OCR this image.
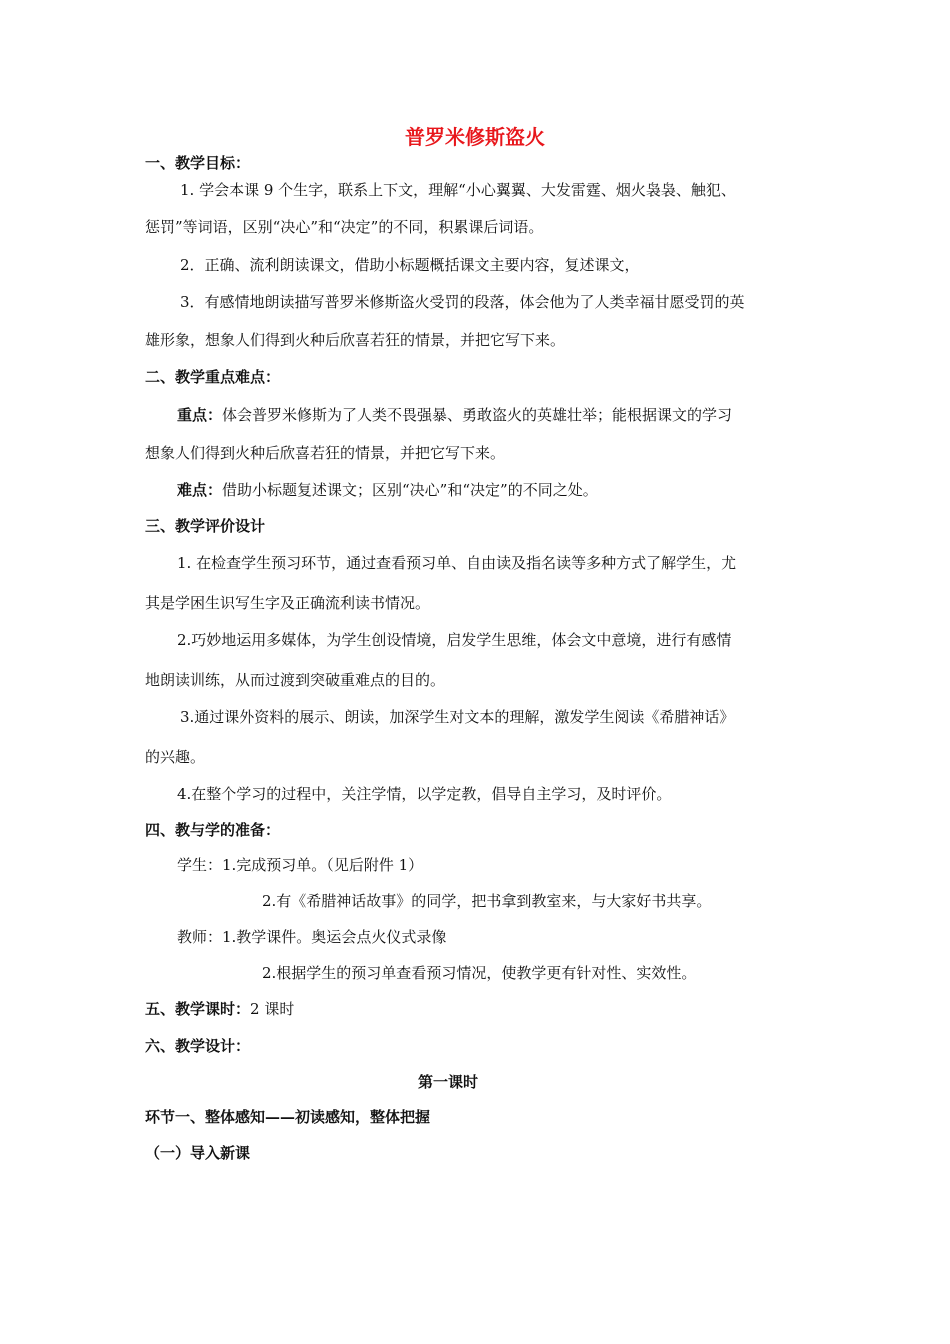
普罗米修斯盗火
一、教学目标：
1. 学会本课 9 个生字，联系上下文，理解“小心翼翼、大发雷霆、烟火袅袅、触犯、
惩罚”等词语，区别“决心”和“决定”的不同，积累课后词语。
2．正确、流利朗读课文，借助小标题概括课文主要内容，复述课文，
3．有感情地朗读描写普罗米修斯盗火受罚的段落，体会他为了人类幸福甘愿受罚的英
雄形象，想象人们得到火种后欣喜若狂的情景，并把它写下来。
二、教学重点难点：
重点：体会普罗米修斯为了人类不畏强暴、勇敢盗火的英雄壮举；能根据课文的学习
想象人们得到火种后欣喜若狂的情景，并把它写下来。
难点：借助小标题复述课文；区别“决心”和“决定”的不同之处。
三、教学评价设计
1. 在检查学生预习环节，通过查看预习单、自由读及指名读等多种方式了解学生，尤
其是学困生识写生字及正确流利读书情况。
2.巧妙地运用多媒体，为学生创设情境，启发学生思维，体会文中意境，进行有感情
地朗读训练，从而过渡到突破重难点的目的。
3.通过课外资料的展示、朗读，加深学生对文本的理解，激发学生阅读《希腊神话》
的兴趣。
4.在整个学习的过程中，关注学情，以学定教，倡导自主学习，及时评价。
四、教与学的准备：
学生：1.完成预习单。（见后附件 1）
2.有《希腊神话故事》的同学，把书拿到教室来，与大家好书共享。
教师：1.教学课件。奥运会点火仪式录像
2.根据学生的预习单查看预习情况，使教学更有针对性、实效性。
五、教学课时：2 课时
六、教学设计：
第一课时
环节一、整体感知——初读感知，整体把握
（一）导入新课
